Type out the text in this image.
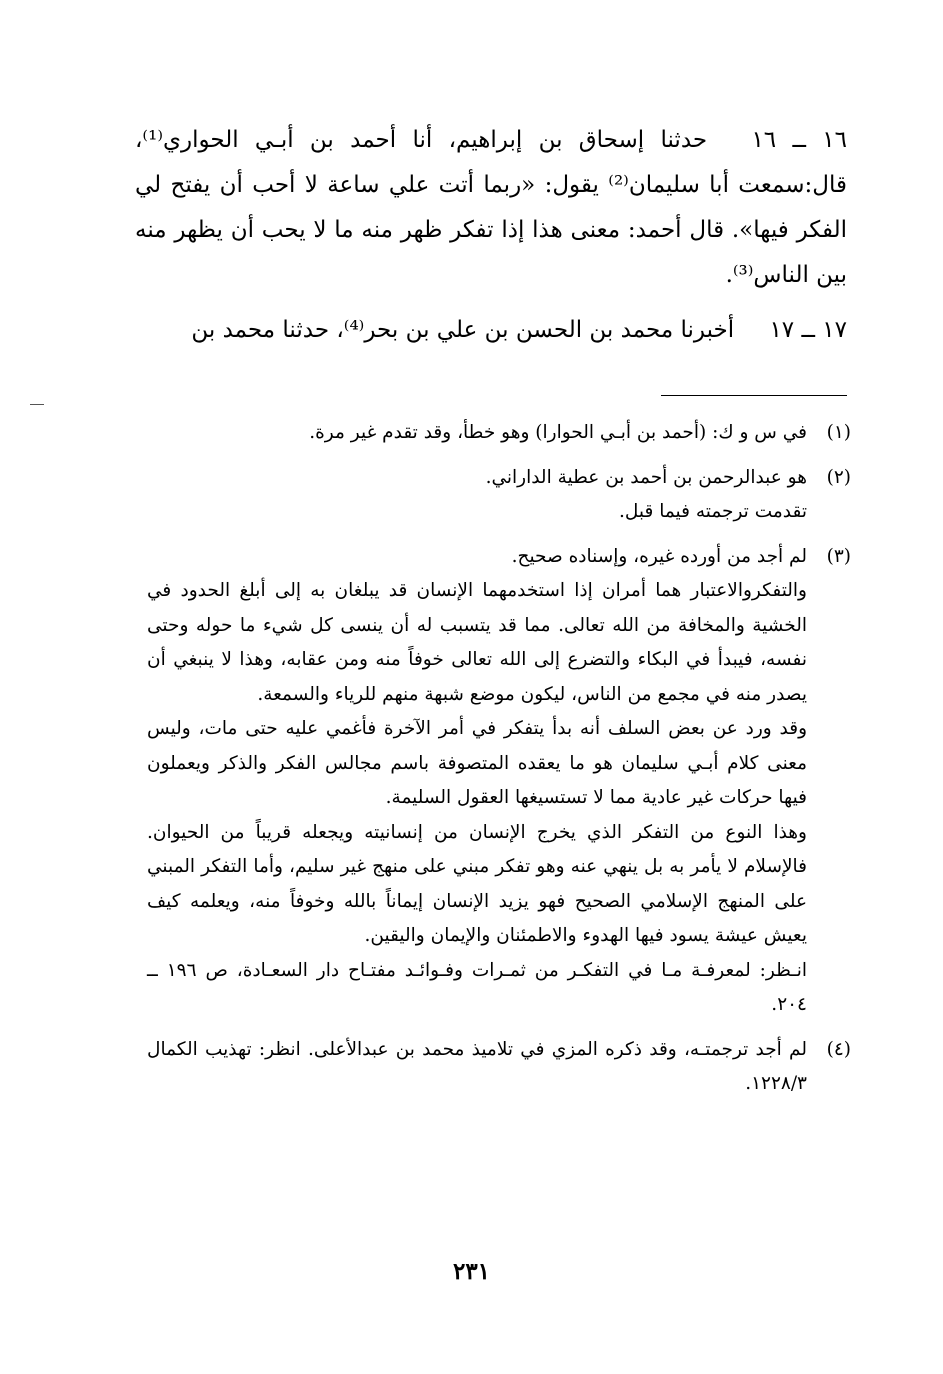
١٦ ــ ١٦ حدثنا إسحاق بن إبراهيم، أنا أحمد بن أبـي الحواري⁽¹⁾، قال:سمعت أبا سليمان⁽²⁾ يقول: «ربما أتت علي ساعة لا أحب أن يفتح لي الفكر فيها». قال أحمد: معنى هذا إذا تفكر ظهر منه ما لا يحب أن يظهر منه بين الناس⁽³⁾.

١٧ ــ ١٧ أخبرنا محمد بن الحسن بن علي بن بحر⁽⁴⁾، حدثنا محمد بن

(١)

في س و ك: (أحمد بن أبـي الحوارا) وهو خطأ، وقد تقدم غير مرة.

(٢)

هو عبدالرحمن بن أحمد بن عطية الداراني.

تقدمت ترجمته فيما قبل.

(٣)

لم أجد من أورده غيره، وإسناده صحيح.

والتفكروالاعتبار هما أمران إذا استخدمهما الإنسان قد يبلغان به إلى أبلغ الحدود في الخشية والمخافة من الله تعالى. مما قد يتسبب له أن ينسى كل شيء ما حوله وحتى نفسه، فيبدأ في البكاء والتضرع إلى الله تعالى خوفاً منه ومن عقابه، وهذا لا ينبغي أن يصدر منه في مجمع من الناس، ليكون موضع شبهة منهم للرياء والسمعة.

وقد ورد عن بعض السلف أنه بدأ يتفكر في أمر الآخرة فأغمي عليه حتى مات، وليس معنى كلام أبـي سليمان هو ما يعقده المتصوفة باسم مجالس الفكر والذكر ويعملون فيها حركات غير عادية مما لا تستسيغها العقول السليمة.

وهذا النوع من التفكر الذي يخرج الإنسان من إنسانيته ويجعله قريباً من الحيوان. فالإسلام لا يأمر به بل ينهي عنه وهو تفكر مبني على منهج غير سليم، وأما التفكر المبني على المنهج الإسلامي الصحيح فهو يزيد الإنسان إيماناً بالله وخوفاً منه، ويعلمه كيف يعيش عيشة يسود فيها الهدوء والاطمئنان والإيمان واليقين.

انـظر: لمعرفـة مـا في التفكـر من ثمـرات وفـوائـد مفتـاح دار السعـادة، ص ١٩٦ ــ ٢٠٤.

(٤)

لم أجد ترجمتـه، وقد ذكره المزي في تلاميذ محمد بن عبدالأعلى. انظر: تهذيب الكمال ١٢٢٨/٣.

٢٣١
